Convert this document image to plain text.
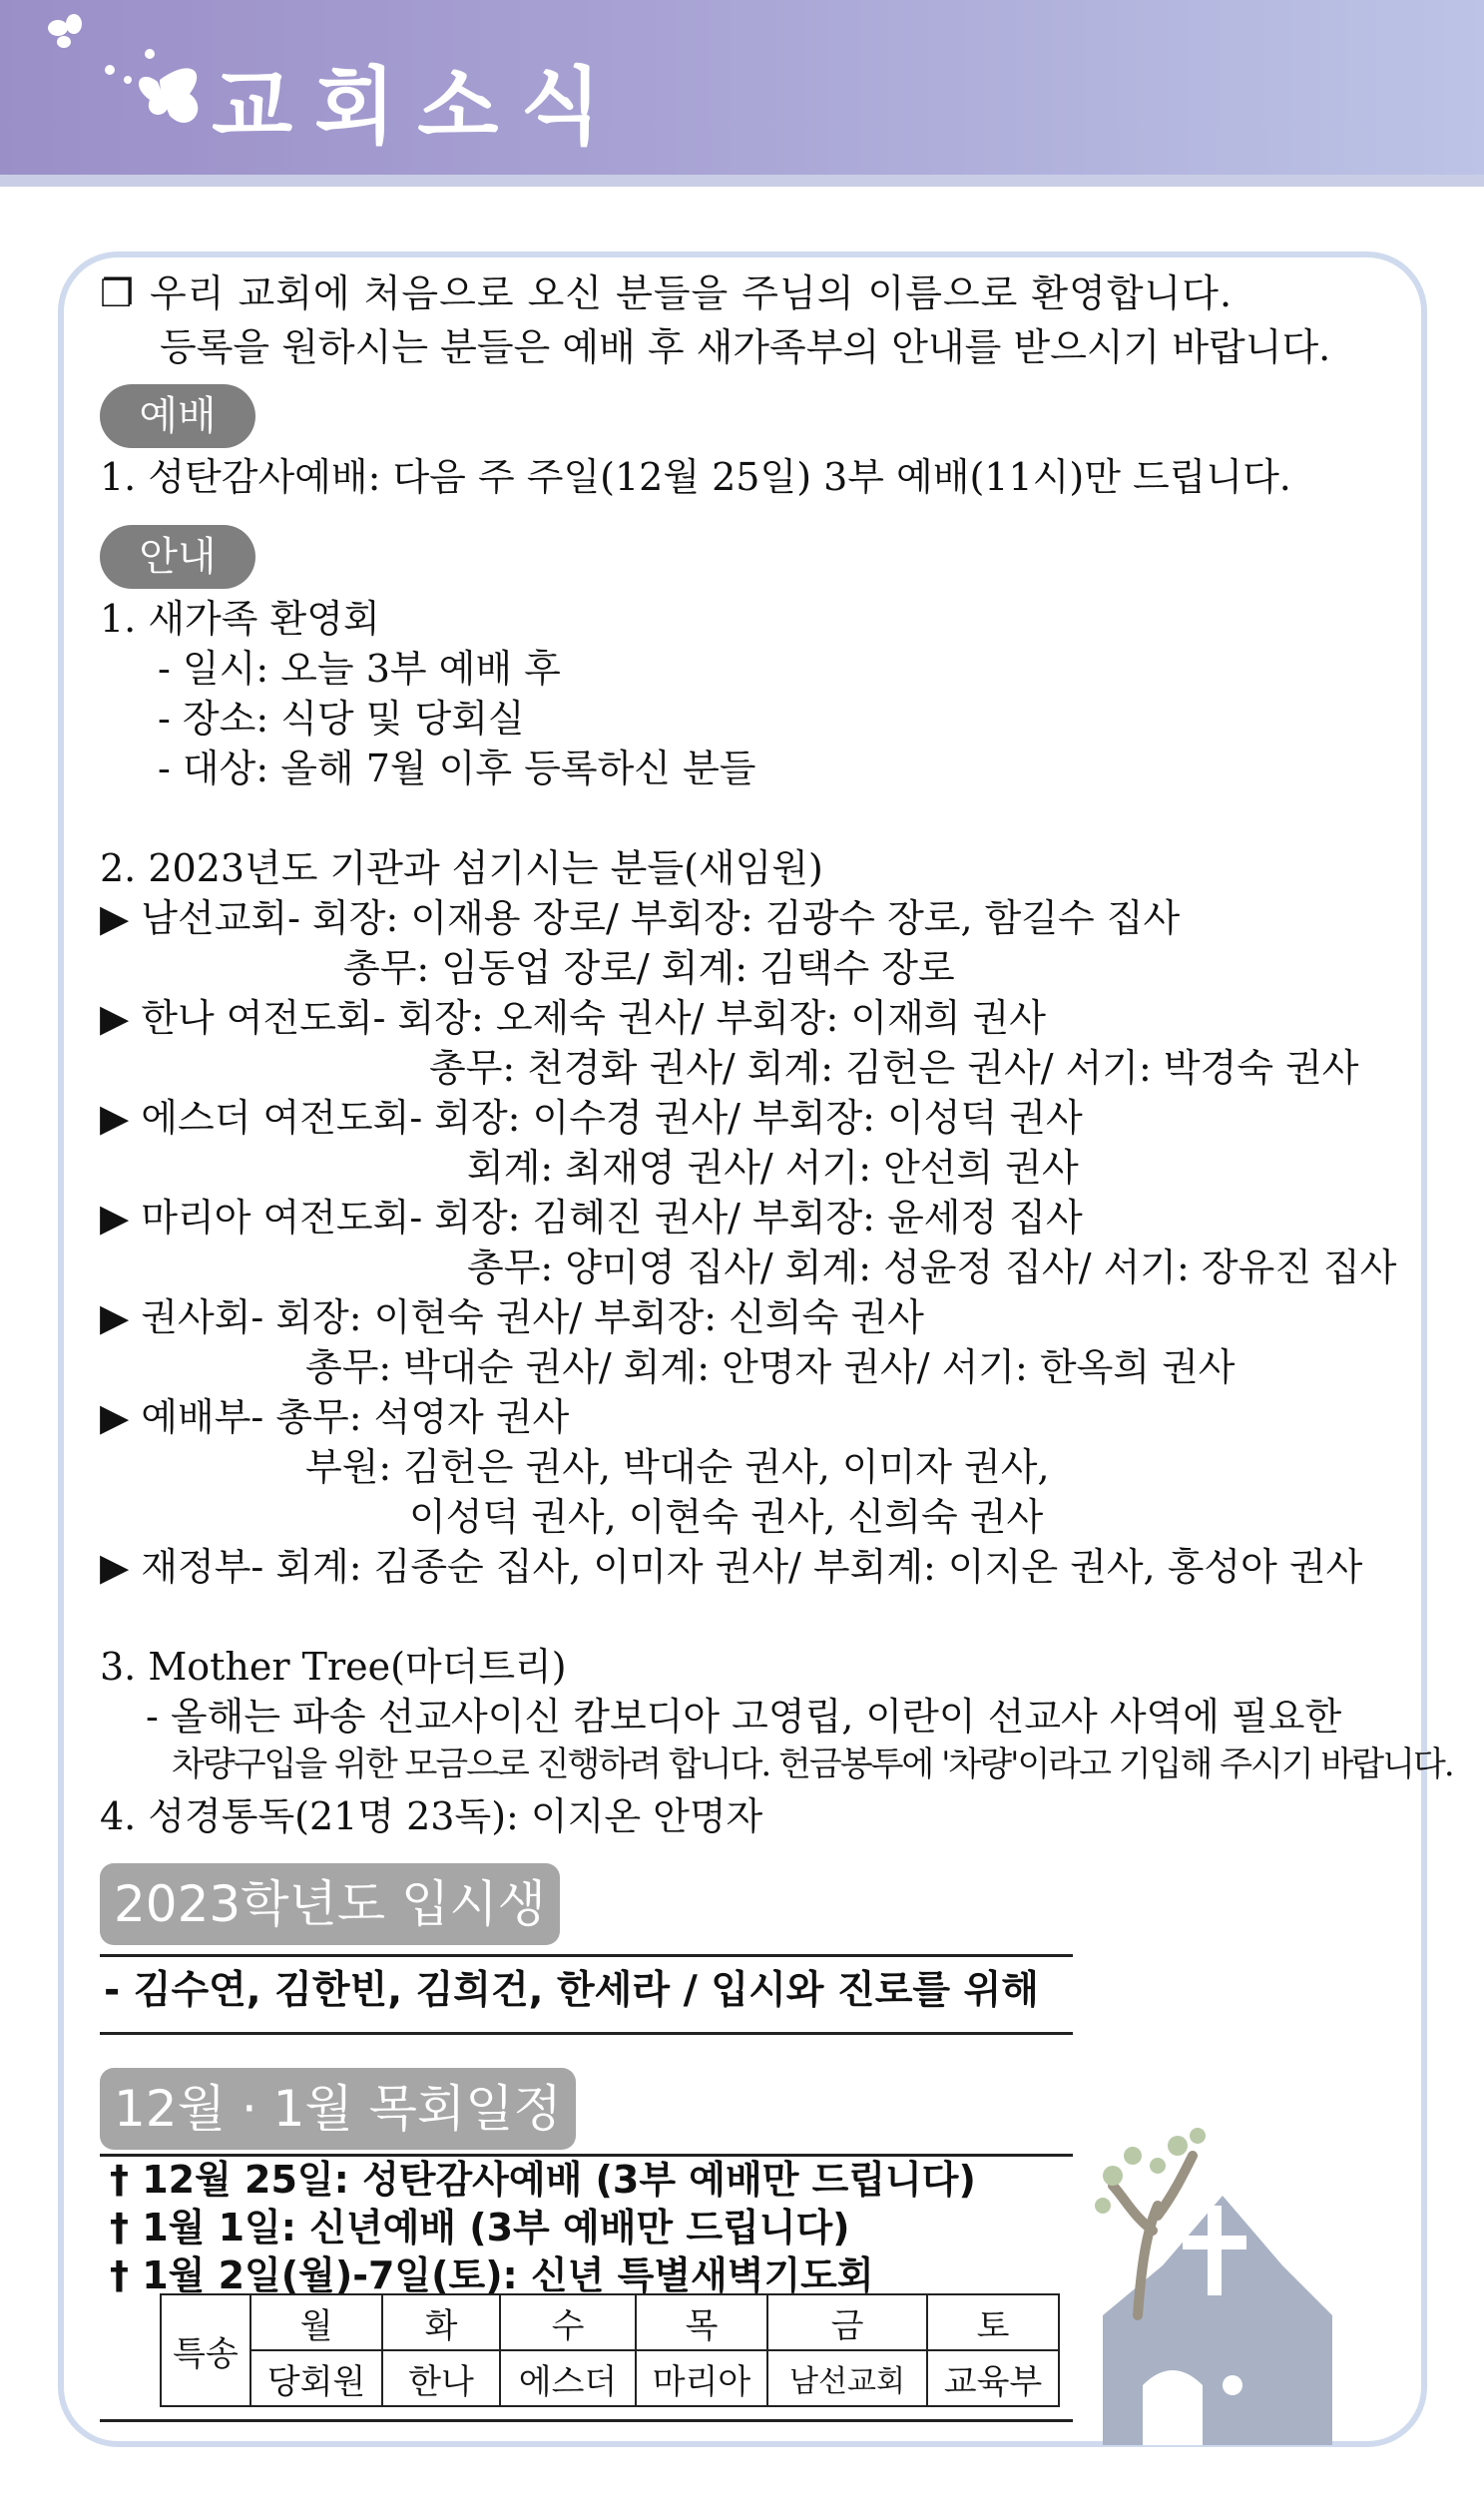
교회소식
❐ 우리 교회에 처음으로 오신 분들을 주님의 이름으로 환영합니다.
등록을 원하시는 분들은 예배 후 새가족부의 안내를 받으시기 바랍니다.
예배
1. 성탄감사예배: 다음 주 주일(12월 25일) 3부 예배(11시)만 드립니다.
안내
1. 새가족 환영회
- 일시: 오늘 3부 예배 후
- 장소: 식당 및 당회실
- 대상: 올해 7월 이후 등록하신 분들
2. 2023년도 기관과 섬기시는 분들(새임원)
▶ 남선교회- 회장: 이재용 장로/ 부회장: 김광수 장로, 함길수 집사
총무: 임동업 장로/ 회계: 김택수 장로
▶ 한나 여전도회- 회장: 오제숙 권사/ 부회장: 이재희 권사
총무: 천경화 권사/ 회계: 김헌은 권사/ 서기: 박경숙 권사
▶ 에스더 여전도회- 회장: 이수경 권사/ 부회장: 이성덕 권사
회계: 최재영 권사/ 서기: 안선희 권사
▶ 마리아 여전도회- 회장: 김혜진 권사/ 부회장: 윤세정 집사
총무: 양미영 집사/ 회계: 성윤정 집사/ 서기: 장유진 집사
▶ 권사회- 회장: 이현숙 권사/ 부회장: 신희숙 권사
총무: 박대순 권사/ 회계: 안명자 권사/ 서기: 한옥희 권사
▶ 예배부- 총무: 석영자 권사
부원: 김헌은 권사, 박대순 권사, 이미자 권사,
이성덕 권사, 이현숙 권사, 신희숙 권사
▶ 재정부- 회계: 김종순 집사, 이미자 권사/ 부회계: 이지온 권사, 홍성아 권사
3. Mother Tree(마더트리)
- 올해는 파송 선교사이신 캄보디아 고영립, 이란이 선교사 사역에 필요한
차량구입을 위한 모금으로 진행하려 합니다. 헌금봉투에 '차량'이라고 기입해 주시기 바랍니다.
4. 성경통독(21명 23독): 이지온 안명자
2023학년도 입시생
- 김수연, 김한빈, 김희건, 한세라 / 입시와 진로를 위해
12월 · 1월 목회일정
† 12월 25일: 성탄감사예배 (3부 예배만 드립니다)
† 1월 1일: 신년예배 (3부 예배만 드립니다)
† 1월 2일(월)-7일(토): 신년 특별새벽기도회
특송	월	화	수	목	금	토
	당회원	한나	에스더	마리아	남선교회	교육부
